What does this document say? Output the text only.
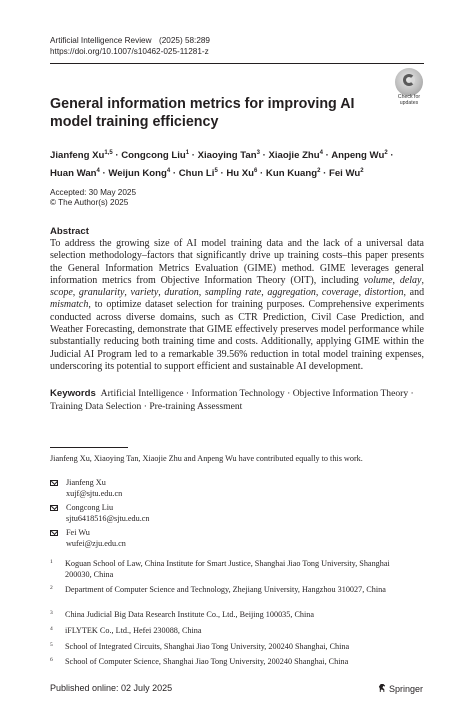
Artificial Intelligence Review (2025) 58:289
https://doi.org/10.1007/s10462-025-11281-z
Check for
updates
General information metrics for improving AI model training efficiency
Jianfeng Xu$^{1,5}$ · Congcong Liu$^1$ · Xiaoying Tan$^3$ · Xiaojie Zhu$^4$ · Anpeng $Wu^2$ ·
Huan Wan$^4$ · Weijun Kong$^4$ · Chun $Li^5 \cdot Hu$ $Xu^6$ · Kun Kuang$^2$ · Fei Wu$^2$
Accepted: 30 May 2025
© The Author(s) 2025
Abstract
To address the growing size of AI model training data and the lack of a universal data selection methodology–factors that significantly drive up training costs–this paper presents the General Information Metrics Evaluation (GIME) method. GIME leverages general information metrics from Objective Information Theory (OIT), including volume, delay, scope, granularity, variety, duration, sampling rate, aggregation, coverage, distortion, and mismatch, to optimize dataset selection for training purposes. Comprehensive experiments conducted across diverse domains, such as CTR Prediction, Civil Case Prediction, and Weather Forecasting, demonstrate that GIME effectively preserves model performance while substantially reducing both training time and costs. Additionally, applying GIME within the Judicial AI Program led to a remarkable 39.56% reduction in total model training expenses, underscoring its potential to support efficient and sustainable AI development.
Keywords Artificial Intelligence · Information Technology · Objective Information Theory · Training Data Selection · Pre-training Assessment
Jianfeng Xu, Xiaoying Tan, Xiaojie Zhu and Anpeng Wu have contributed equally to this work.
Jianfeng Xu
xujf@sjtu.edu.cn
Congcong Liu
sjtu6418516@sjtu.edu.cn
Fei Wu
wufei@zju.edu.cn
1 Koguan School of Law, China Institute for Smart Justice, Shanghai Jiao Tong University, Shanghai 200030, China
2 Department of Computer Science and Technology, Zhejiang University, Hangzhou 310027, China
3 China Judicial Big Data Research Institute Co., Ltd., Beijing 100035, China
4 iFLYTEK Co., Ltd., Hefei 230088, China
5 School of Integrated Circuits, Shanghai Jiao Tong University, 200240 Shanghai, China
6 School of Computer Science, Shanghai Jiao Tong University, 200240 Shanghai, China
Published online: 02 July 2025	Springer
